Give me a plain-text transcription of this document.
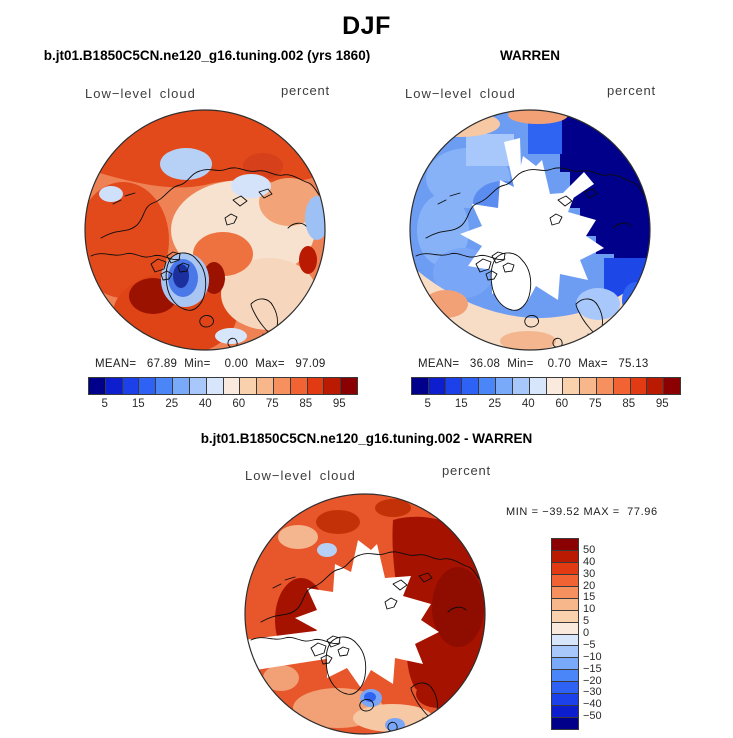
DJF
b.jt01.B1850C5CN.ne120_g16.tuning.002 (yrs 1860)	WARREN
Low−level cloud	percent	Low−level cloud	percent
MEAN=   67.89  Min=    0.00  Max=   97.09
5 15 25 40 60 75 85 95
MEAN=   36.08  Min=    0.70  Max=   75.13
5 15 25 40 60 75 85 95
b.jt01.B1850C5CN.ne120_g16.tuning.002 - WARREN
Low−level cloud	percent
MIN = −39.52 MAX =  77.96
50
40
30
20
15
10
5
0
−5
−10
−15
−20
−30
−40
−50
